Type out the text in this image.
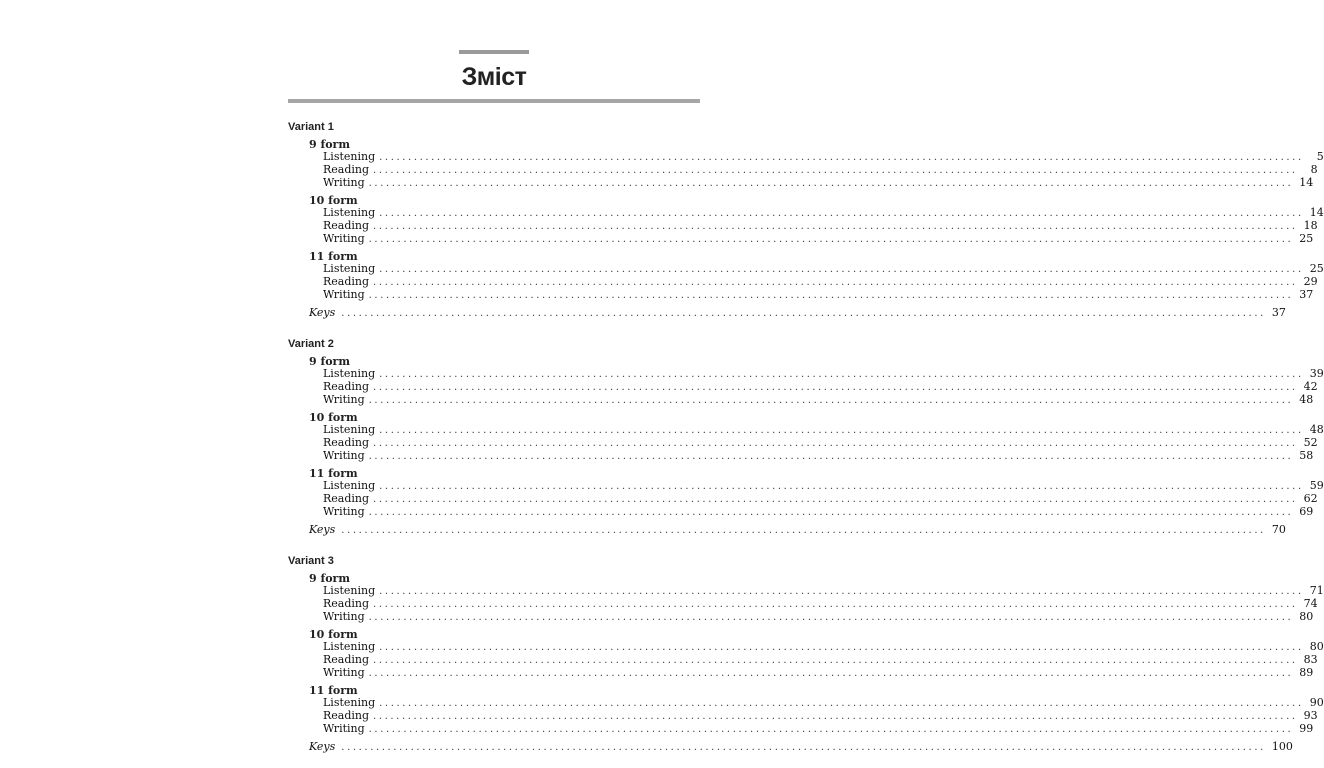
Зміст
Variant 1
9 form
Listening ................................................................................................................................................................	5
Reading ................................................................................................................................................................	8
Writing ................................................................................................................................................................ 14
10 form
Listening ................................................................................................................................................................ 14
Reading ................................................................................................................................................................ 18
Writing ................................................................................................................................................................ 25
11 form
Listening ................................................................................................................................................................ 25
Reading ................................................................................................................................................................ 29
Writing ................................................................................................................................................................ 37
Keys ................................................................................................................................................................ 37
Variant 2
9 form
Listening ................................................................................................................................................................ 39
Reading ................................................................................................................................................................ 42
Writing ................................................................................................................................................................ 48
10 form
Listening ................................................................................................................................................................ 48
Reading ................................................................................................................................................................ 52
Writing ................................................................................................................................................................ 58
11 form
Listening ................................................................................................................................................................ 59
Reading ................................................................................................................................................................ 62
Writing ................................................................................................................................................................ 69
Keys ................................................................................................................................................................ 70
Variant 3
9 form
Listening ................................................................................................................................................................ 71
Reading ................................................................................................................................................................ 74
Writing ................................................................................................................................................................ 80
10 form
Listening ................................................................................................................................................................ 80
Reading ................................................................................................................................................................ 83
Writing ................................................................................................................................................................ 89
11 form
Listening ................................................................................................................................................................ 90
Reading ................................................................................................................................................................ 93
Writing ................................................................................................................................................................ 99
Keys ................................................................................................................................................................ 100
